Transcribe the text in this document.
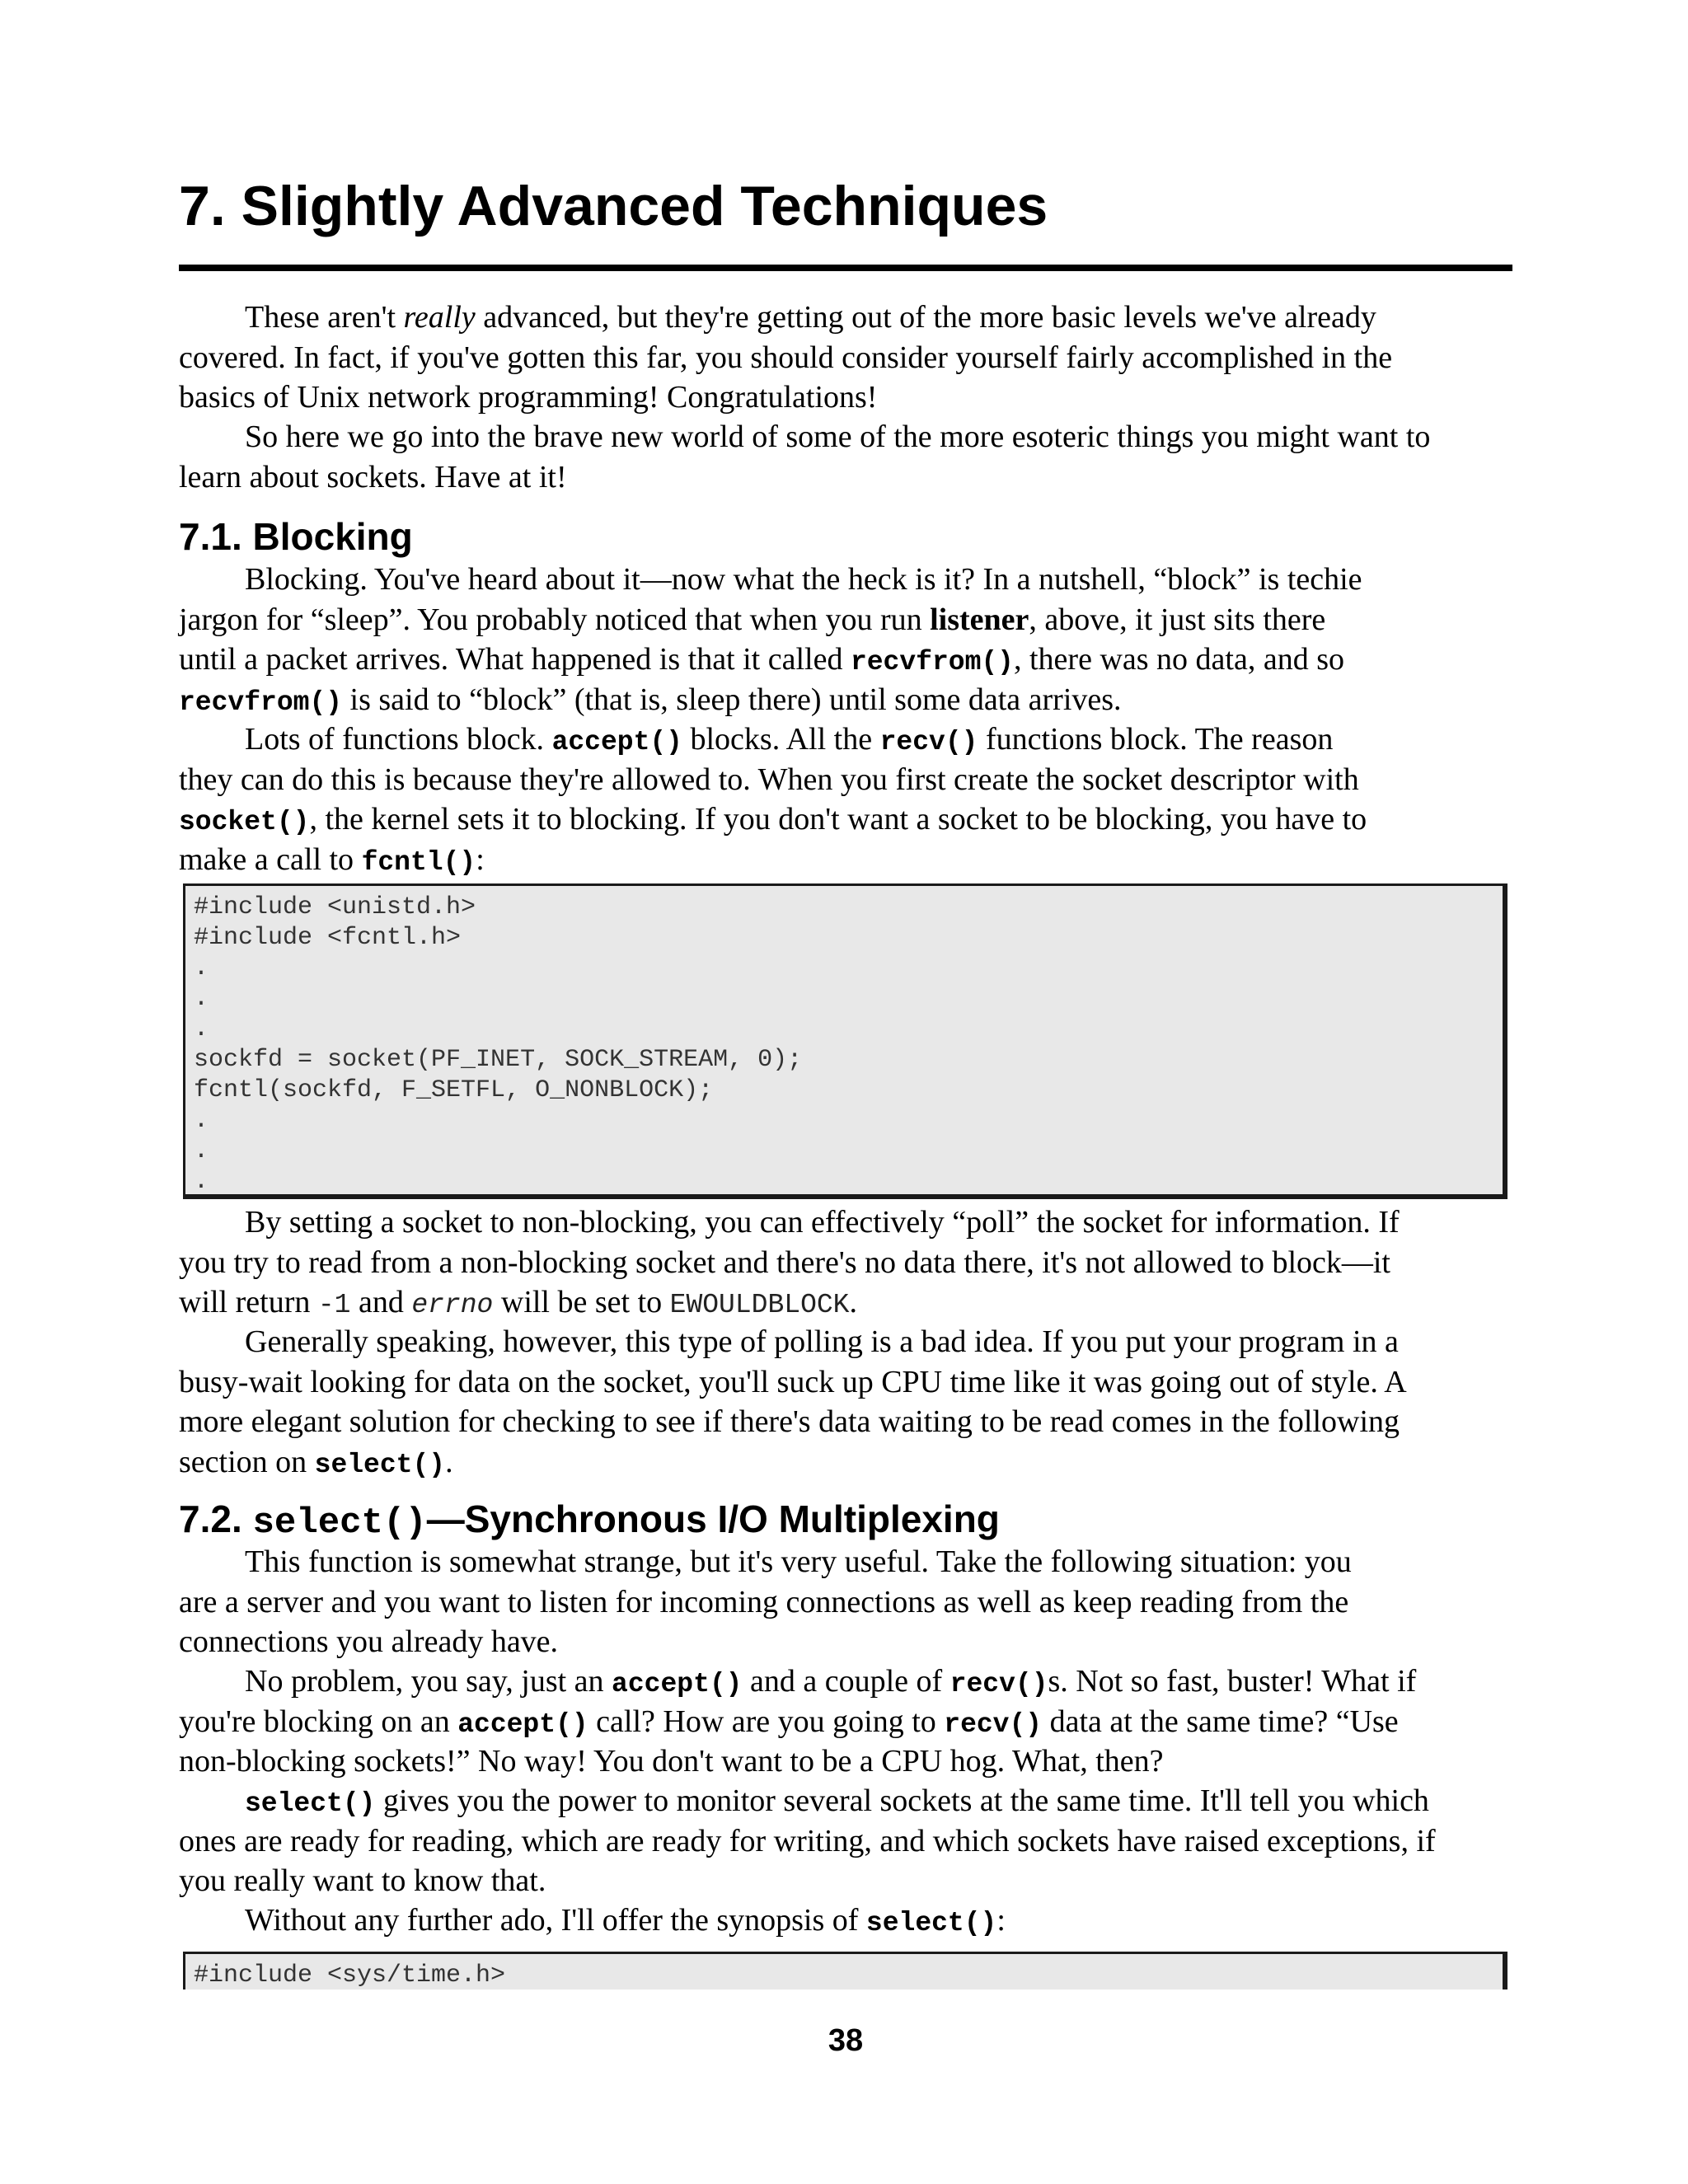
7. Slightly Advanced Techniques
These aren't really advanced, but they're getting out of the more basic levels we've already
covered. In fact, if you've gotten this far, you should consider yourself fairly accomplished in the
basics of Unix network programming! Congratulations!
So here we go into the brave new world of some of the more esoteric things you might want to
learn about sockets. Have at it!
7.1. Blocking
Blocking. You've heard about it—now what the heck is it? In a nutshell, “block” is techie
jargon for “sleep”. You probably noticed that when you run listener, above, it just sits there
until a packet arrives. What happened is that it called recvfrom(), there was no data, and so
recvfrom() is said to “block” (that is, sleep there) until some data arrives.
Lots of functions block. accept() blocks. All the recv() functions block. The reason
they can do this is because they're allowed to. When you first create the socket descriptor with
socket(), the kernel sets it to blocking. If you don't want a socket to be blocking, you have to
make a call to fcntl():
#include <unistd.h>
#include <fcntl.h>
.
.
.
sockfd = socket(PF_INET, SOCK_STREAM, 0);
fcntl(sockfd, F_SETFL, O_NONBLOCK);
.
.
.
By setting a socket to non-blocking, you can effectively “poll” the socket for information. If
you try to read from a non-blocking socket and there's no data there, it's not allowed to block—it
will return -1 and errno will be set to EWOULDBLOCK.
Generally speaking, however, this type of polling is a bad idea. If you put your program in a
busy-wait looking for data on the socket, you'll suck up CPU time like it was going out of style. A
more elegant solution for checking to see if there's data waiting to be read comes in the following
section on select().
7.2. select()—Synchronous I/O Multiplexing
This function is somewhat strange, but it's very useful. Take the following situation: you
are a server and you want to listen for incoming connections as well as keep reading from the
connections you already have.
No problem, you say, just an accept() and a couple of recv()s. Not so fast, buster! What if
you're blocking on an accept() call? How are you going to recv() data at the same time? “Use
non-blocking sockets!” No way! You don't want to be a CPU hog. What, then?
select() gives you the power to monitor several sockets at the same time. It'll tell you which
ones are ready for reading, which are ready for writing, and which sockets have raised exceptions, if
you really want to know that.
Without any further ado, I'll offer the synopsis of select():
#include <sys/time.h>
38
